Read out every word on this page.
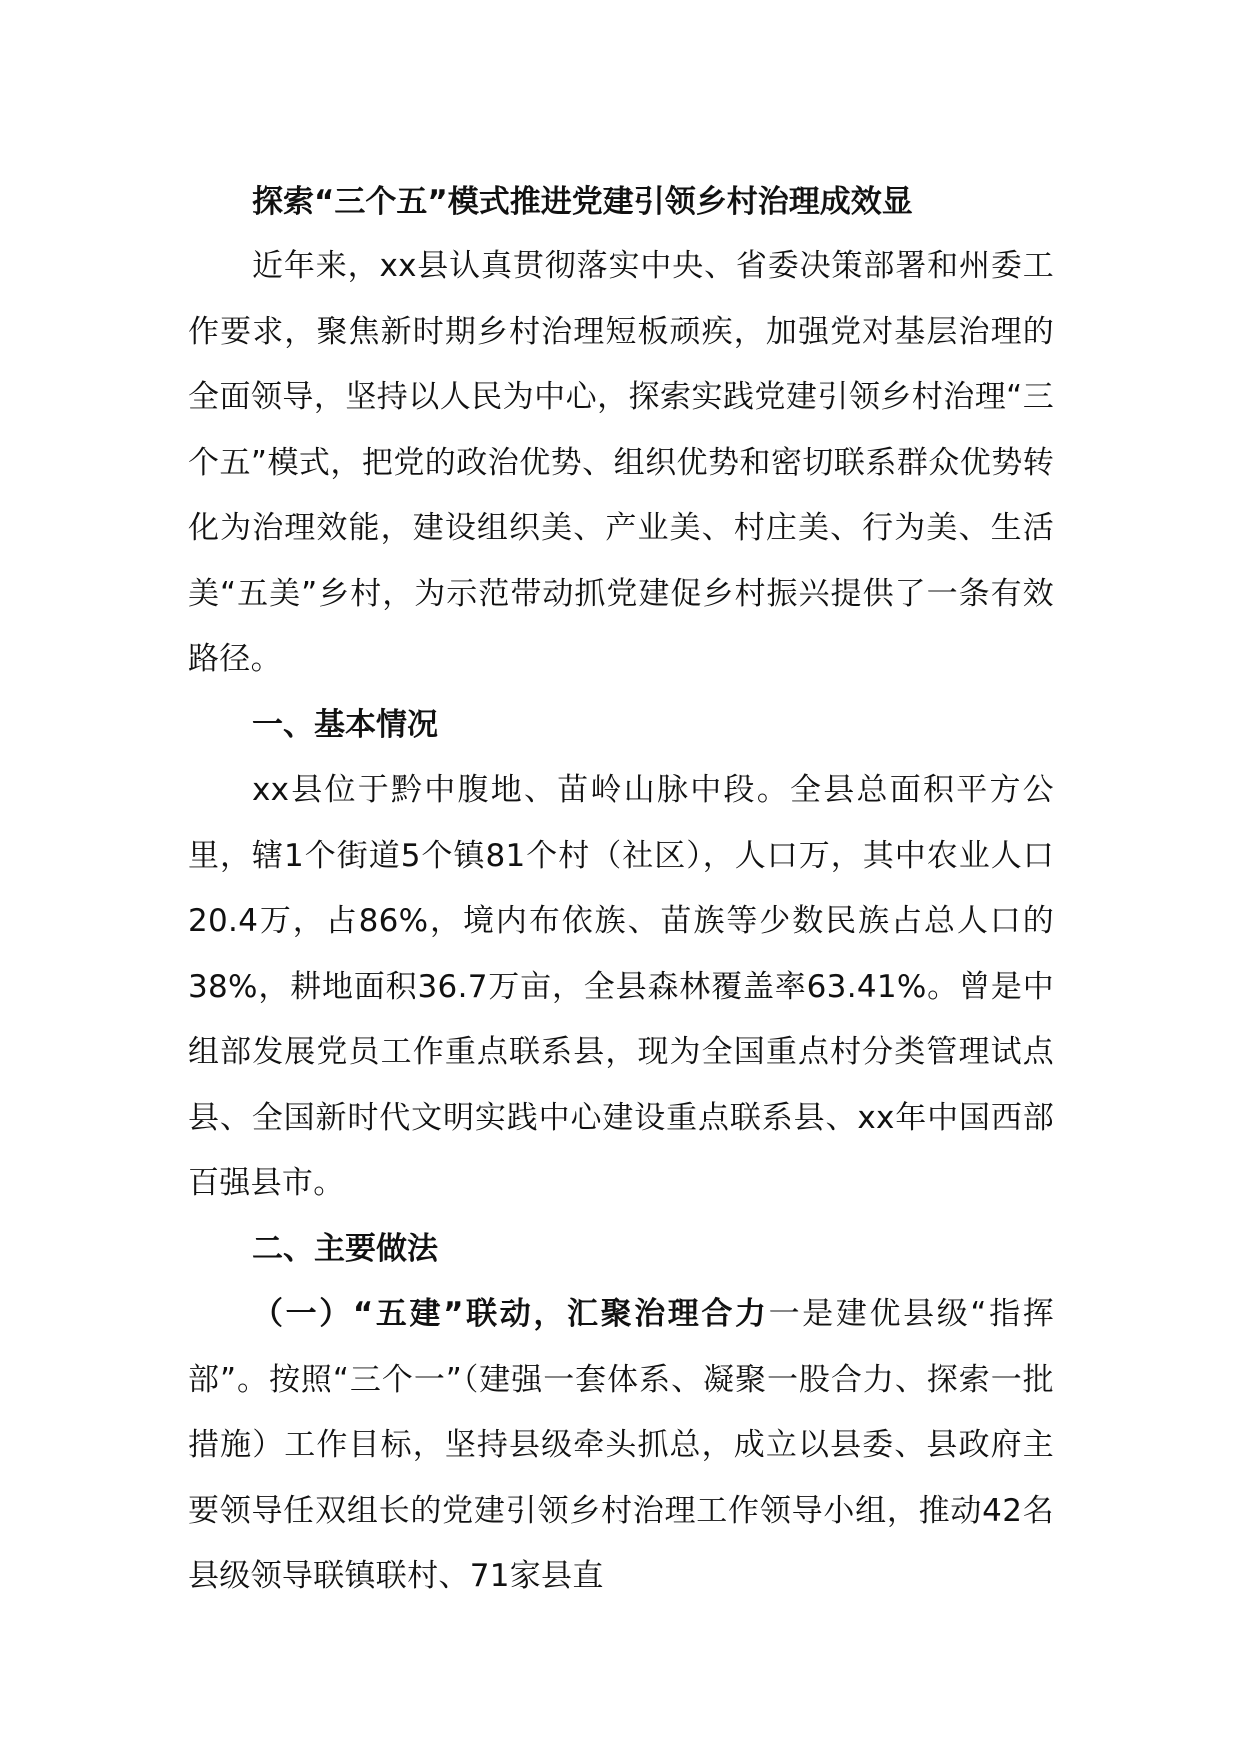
探索“三个五”模式推进党建引领乡村治理成效显

近年来，xx县认真贯彻落实中央、省委决策部署和州委工作要求，聚焦新时期乡村治理短板顽疾，加强党对基层治理的全面领导，坚持以人民为中心，探索实践党建引领乡村治理“三个五”模式，把党的政治优势、组织优势和密切联系群众优势转化为治理效能，建设组织美、产业美、村庄美、行为美、生活美“五美”乡村，为示范带动抓党建促乡村振兴提供了一条有效路径。

一、基本情况

xx县位于黔中腹地、苗岭山脉中段。全县总面积平方公里，辖1个街道5个镇81个村（社区），人口万，其中农业人口20.4万，占86%，境内布依族、苗族等少数民族占总人口的38%，耕地面积36.7万亩，全县森林覆盖率63.41%。曾是中组部发展党员工作重点联系县，现为全国重点村分类管理试点县、全国新时代文明实践中心建设重点联系县、xx年中国西部百强县市。

二、主要做法

（一）“五建”联动，汇聚治理合力一是建优县级“指挥部”。按照“三个一”（建强一套体系、凝聚一股合力、探索一批措施）工作目标，坚持县级牵头抓总，成立以县委、县政府主要领导任双组长的党建引领乡村治理工作领导小组，推动42名县级领导联镇联村、71家县直
